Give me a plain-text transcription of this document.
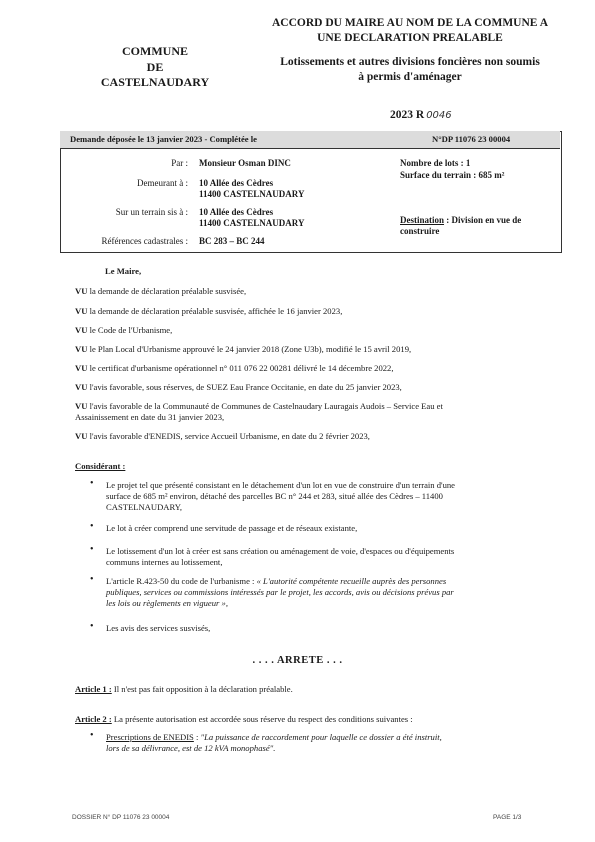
COMMUNE
DE
CASTELNAUDARY
ACCORD DU MAIRE AU NOM DE LA COMMUNE A
UNE DECLARATION PREALABLE
Lotissements et autres divisions foncières non soumis
à permis d'aménager
2023 R 0046
Demande déposée le 13 janvier 2023 - Complétée le	N°DP 11076 23 00004
Par : Monsieur Osman DINC
Demeurant à : 10 Allée des Cèdres
11400 CASTELNAUDARY
Sur un terrain sis à : 10 Allée des Cèdres
11400 CASTELNAUDARY
Références cadastrales : BC 283 – BC 244
Nombre de lots : 1
Surface du terrain : 685 m²
Destination : Division en vue de construire
Le Maire,
VU la demande de déclaration préalable susvisée,
VU la demande de déclaration préalable susvisée, affichée le 16 janvier 2023,
VU le Code de l'Urbanisme,
VU le Plan Local d'Urbanisme approuvé le 24 janvier 2018 (Zone U3b), modifié le 15 avril 2019,
VU le certificat d'urbanisme opérationnel n° 011 076 22 00281 délivré le 14 décembre 2022,
VU l'avis favorable, sous réserves, de SUEZ Eau France Occitanie, en date du 25 janvier 2023,
VU l'avis favorable de la Communauté de Communes de Castelnaudary Lauragais Audois – Service Eau et
Assainissement en date du 31 janvier 2023,
VU l'avis favorable d'ENEDIS, service Accueil Urbanisme, en date du 2 février 2023,
Considérant :
• Le projet tel que présenté consistant en le détachement d'un lot en vue de construire d'un terrain d'une
surface de 685 m² environ, détaché des parcelles BC n° 244 et 283, situé allée des Cèdres – 11400
CASTELNAUDARY,
• Le lot à créer comprend une servitude de passage et de réseaux existante,
• Le lotissement d'un lot à créer est sans création ou aménagement de voie, d'espaces ou d'équipements
communs internes au lotissement,
• L'article R.423-50 du code de l'urbanisme : « L'autorité compétente recueille auprès des personnes
publiques, services ou commissions intéressés par le projet, les accords, avis ou décisions prévus par
les lois ou règlements en vigueur »,
• Les avis des services susvisés,
. . . . ARRETE . . .
Article 1 : Il n'est pas fait opposition à la déclaration préalable.
Article 2 : La présente autorisation est accordée sous réserve du respect des conditions suivantes :
• Prescriptions de ENEDIS : "La puissance de raccordement pour laquelle ce dossier a été instruit,
lors de sa délivrance, est de 12 kVA monophasé".
DOSSIER N° DP 11076 23 00004	PAGE 1/3
